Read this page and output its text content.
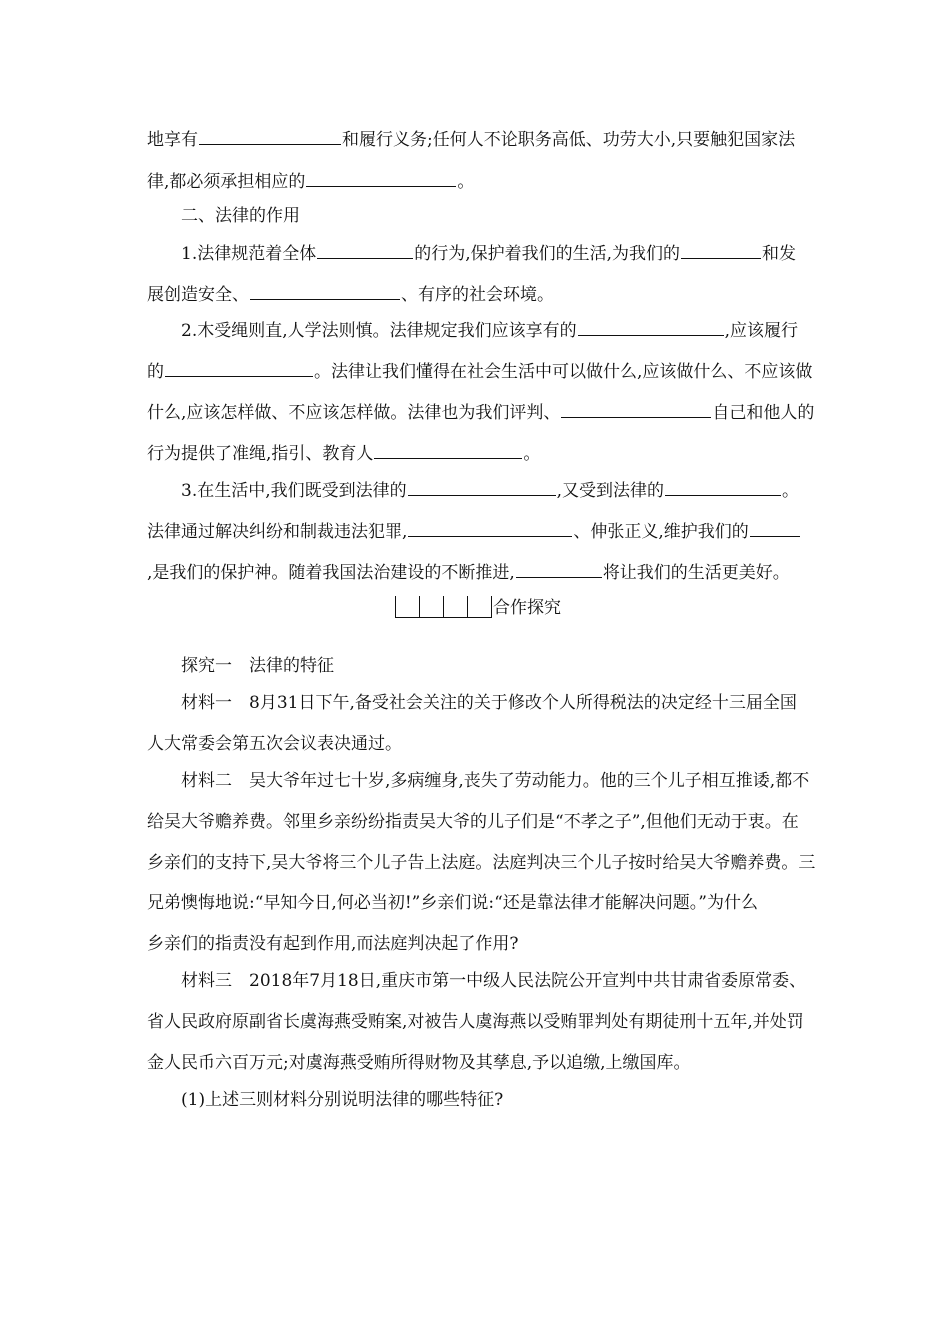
地享有	和履行义务;任何人不论职务高低、功劳大小,只要触犯国家法
律,都必须承担相应的	。
二、法律的作用
1.法律规范着全体	的行为,保护着我们的生活,为我们的	和发
展创造安全、	、有序的社会环境。
2.木受绳则直,人学法则慎。法律规定我们应该享有的	,应该履行
的	。法律让我们懂得在社会生活中可以做什么,应该做什么、不应该做
什么,应该怎样做、不应该怎样做。法律也为我们评判、	自己和他人的
行为提供了准绳,指引、教育人	。
3.在生活中,我们既受到法律的	,又受到法律的	。
法律通过解决纠纷和制裁违法犯罪,	、伸张正义,维护我们的
,是我们的保护神。随着我国法治建设的不断推进,	将让我们的生活更美好。
合作探究
探究一　法律的特征
材料一　8月31日下午,备受社会关注的关于修改个人所得税法的决定经十三届全国
人大常委会第五次会议表决通过。
材料二　吴大爷年过七十岁,多病缠身,丧失了劳动能力。他的三个儿子相互推诿,都不
给吴大爷赡养费。邻里乡亲纷纷指责吴大爷的儿子们是“不孝之子”,但他们无动于衷。在
乡亲们的支持下,吴大爷将三个儿子告上法庭。法庭判决三个儿子按时给吴大爷赡养费。三
兄弟懊悔地说:“早知今日,何必当初!”乡亲们说:“还是靠法律才能解决问题。”为什么
乡亲们的指责没有起到作用,而法庭判决起了作用?
材料三　2018年7月18日,重庆市第一中级人民法院公开宣判中共甘肃省委原常委、
省人民政府原副省长虞海燕受贿案,对被告人虞海燕以受贿罪判处有期徒刑十五年,并处罚
金人民币六百万元;对虞海燕受贿所得财物及其孳息,予以追缴,上缴国库。
(1)上述三则材料分别说明法律的哪些特征?
